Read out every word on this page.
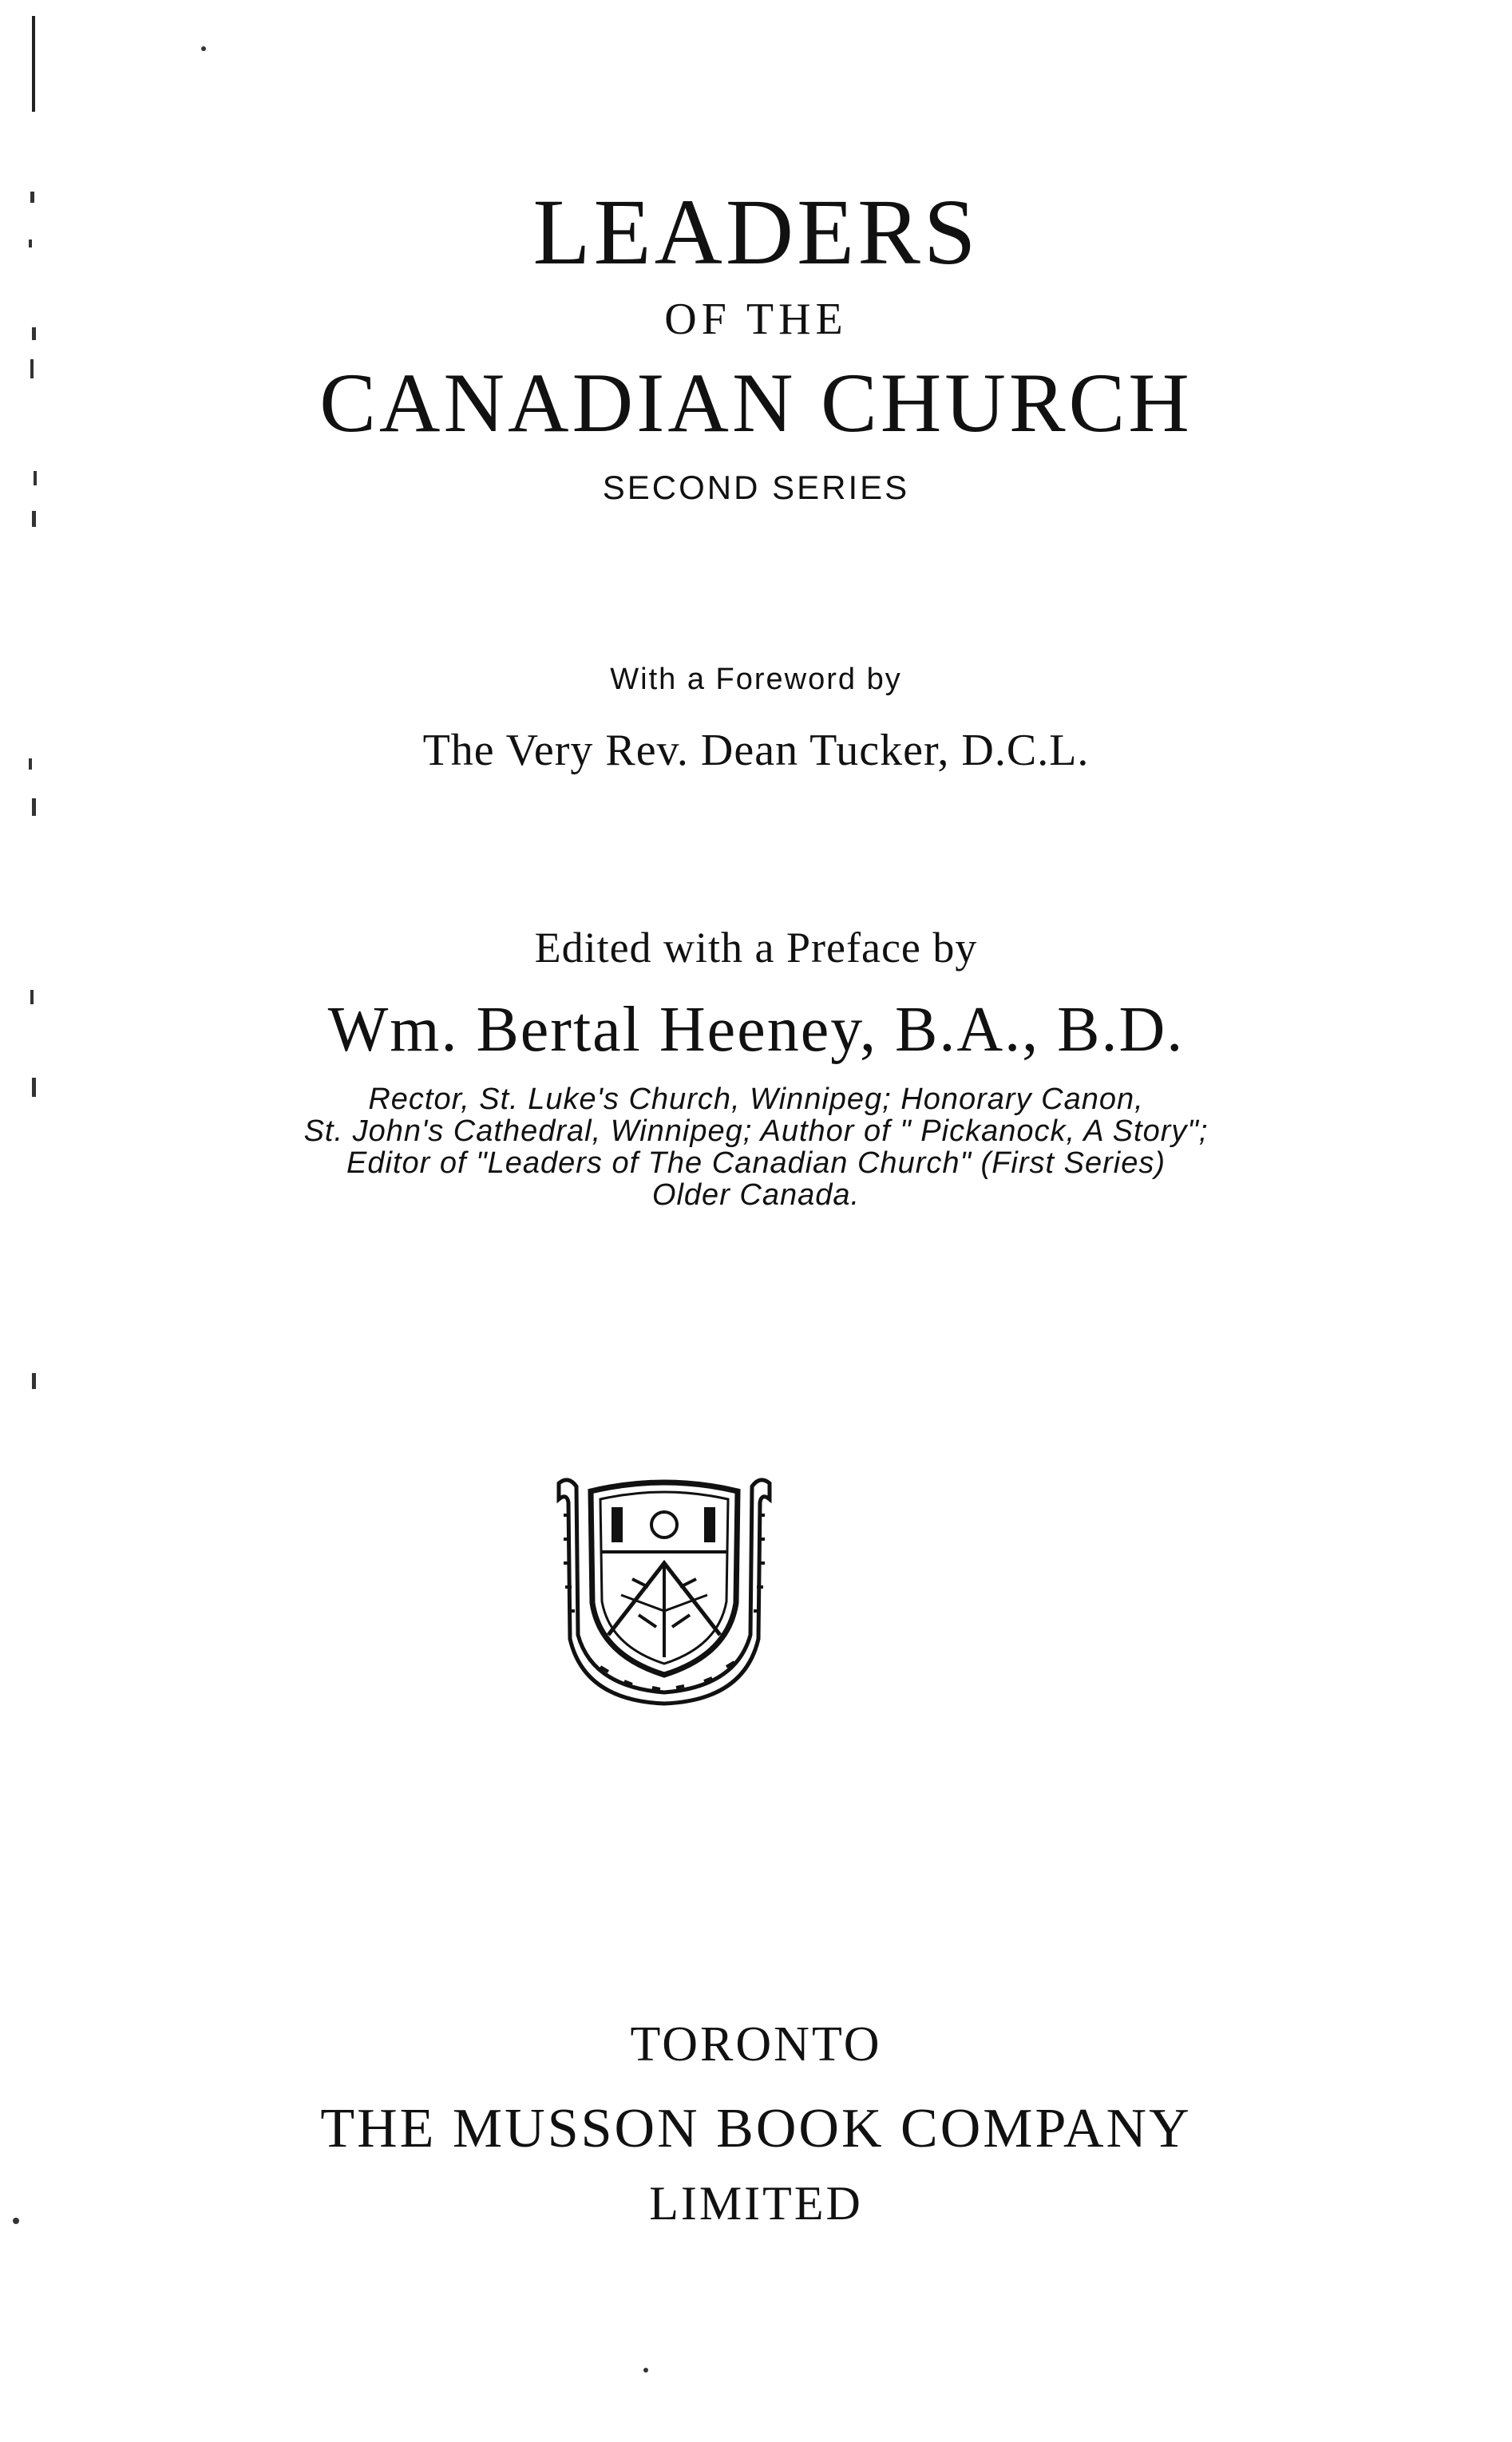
LEADERS
OF THE
CANADIAN CHURCH
SECOND SERIES
With a Foreword by
The Very Rev. Dean Tucker, D.C.L.
Edited with a Preface by
Wm. Bertal Heeney, B.A., B.D.
Rector, St. Luke's Church, Winnipeg; Honorary Canon,
St. John's Cathedral, Winnipeg; Author of " Pickanock, A Story";
Editor of "Leaders of The Canadian Church" (First Series)
Older Canada.
TORONTO
THE MUSSON BOOK COMPANY
LIMITED
